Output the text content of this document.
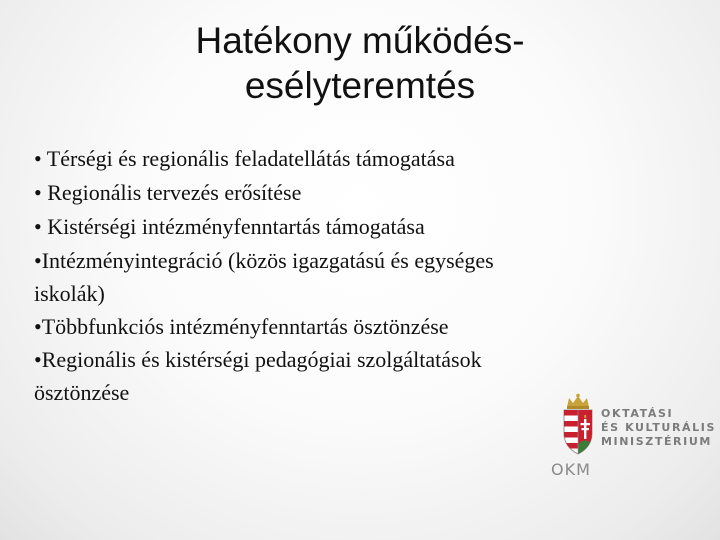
Hatékony működés-
esélyteremtés
• Térségi és regionális feladatellátás támogatása
• Regionális tervezés erősítése
• Kistérségi intézményfenntartás támogatása
•Intézményintegráció (közös igazgatású és egységes
iskolák)
•Többfunkciós intézményfenntartás ösztönzése
•Regionális és kistérségi pedagógiai szolgáltatások
ösztönzése
OKTATÁSI
ÉS KULTURÁLIS
MINISZTÉRIUM
OKM
